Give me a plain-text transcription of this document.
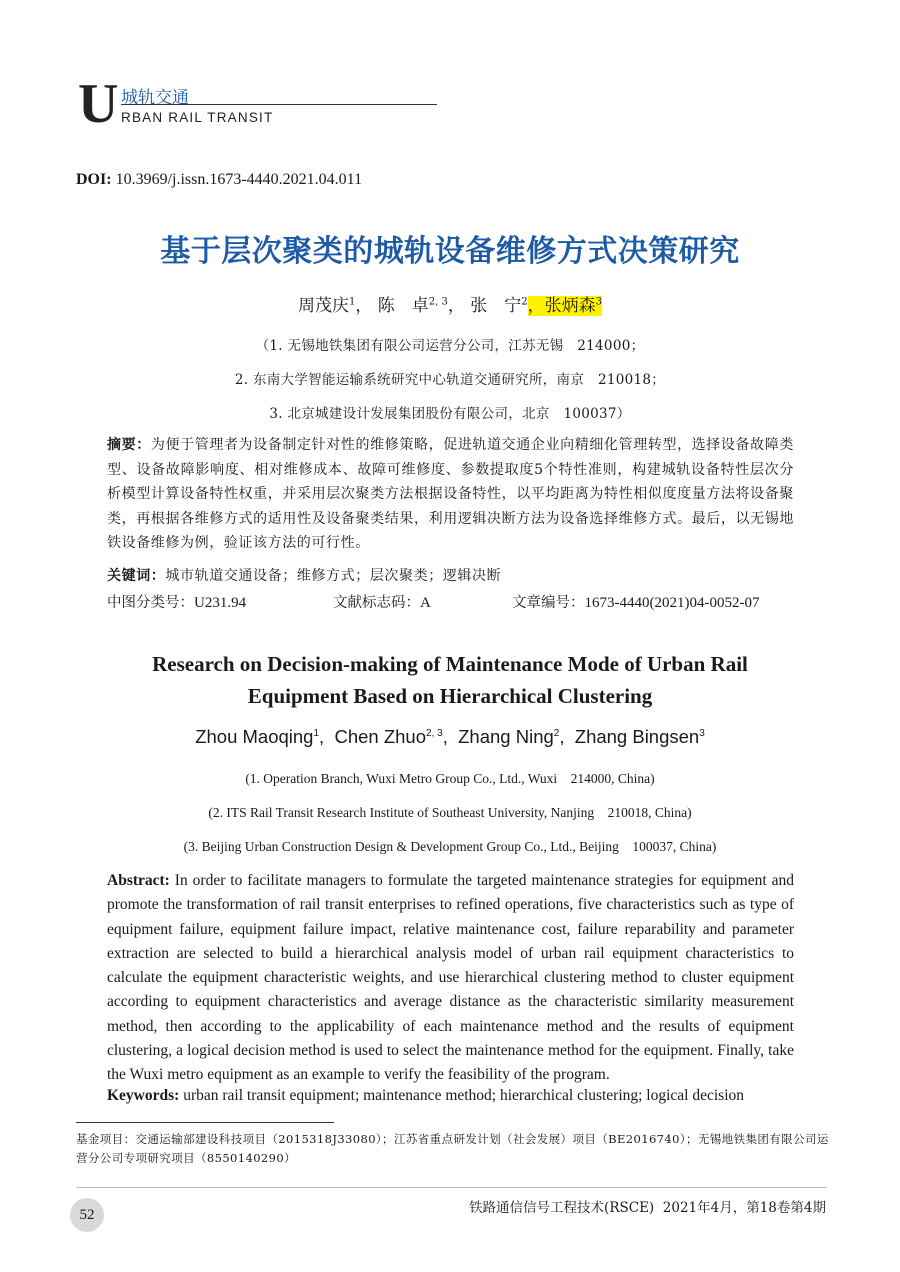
U 城轨交通
RBAN RAIL TRANSIT
DOI: 10.3969/j.issn.1673-4440.2021.04.011
基于层次聚类的城轨设备维修方式决策研究
周茂庆$^1$， 陈　卓$^{2, 3}$， 张　宁$^2$，张炳森$^3$
（1. 无锡地铁集团有限公司运营分公司，江苏无锡　214000；
2. 东南大学智能运输系统研究中心轨道交通研究所，南京　210018；
3. 北京城建设计发展集团股份有限公司，北京　100037）
摘要：为便于管理者为设备制定针对性的维修策略，促进轨道交通企业向精细化管理转型，选择设备故障类型、设备故障影响度、相对维修成本、故障可维修度、参数提取度5个特性准则，构建城轨设备特性层次分析模型计算设备特性权重，并采用层次聚类方法根据设备特性，以平均距离为特性相似度度量方法将设备聚类，再根据各维修方式的适用性及设备聚类结果，利用逻辑决断方法为设备选择维修方式。最后，以无锡地铁设备维修为例，验证该方法的可行性。
关键词：城市轨道交通设备；维修方式；层次聚类；逻辑决断
中图分类号：U231.94	文献标志码：A	文章编号：1673-4440(2021)04-0052-07
Research on Decision-making of Maintenance Mode of Urban Rail
Equipment Based on Hierarchical Clustering
Zhou Maoqing$^1$,  Chen Zhuo$^{2, 3}$,  Zhang Ning$^2$,  Zhang Bingsen$^3$
(1. Operation Branch, Wuxi Metro Group Co., Ltd., Wuxi　214000, China)
(2. ITS Rail Transit Research Institute of Southeast University, Nanjing　210018, China)
(3. Beijing Urban Construction Design & Development Group Co., Ltd., Beijing　100037, China)
Abstract: In order to facilitate managers to formulate the targeted maintenance strategies for equipment and promote the transformation of rail transit enterprises to refined operations, five characteristics such as type of equipment failure, equipment failure impact, relative maintenance cost, failure reparability and parameter extraction are selected to build a hierarchical analysis model of urban rail equipment characteristics to calculate the equipment characteristic weights, and use hierarchical clustering method to cluster equipment according to equipment characteristics and average distance as the characteristic similarity measurement method, then according to the applicability of each maintenance method and the results of equipment clustering, a logical decision method is used to select the maintenance method for the equipment. Finally, take the Wuxi metro equipment as an example to verify the feasibility of the program.
Keywords: urban rail transit equipment; maintenance method; hierarchical clustering; logical decision
基金项目：交通运输部建设科技项目（2015318J33080）；江苏省重点研发计划（社会发展）项目（BE2016740）；无锡地铁集团有限公司运营分公司专项研究项目（8550140290）
52	铁路通信信号工程技术(RSCE)  2021年4月，第18卷第4期
